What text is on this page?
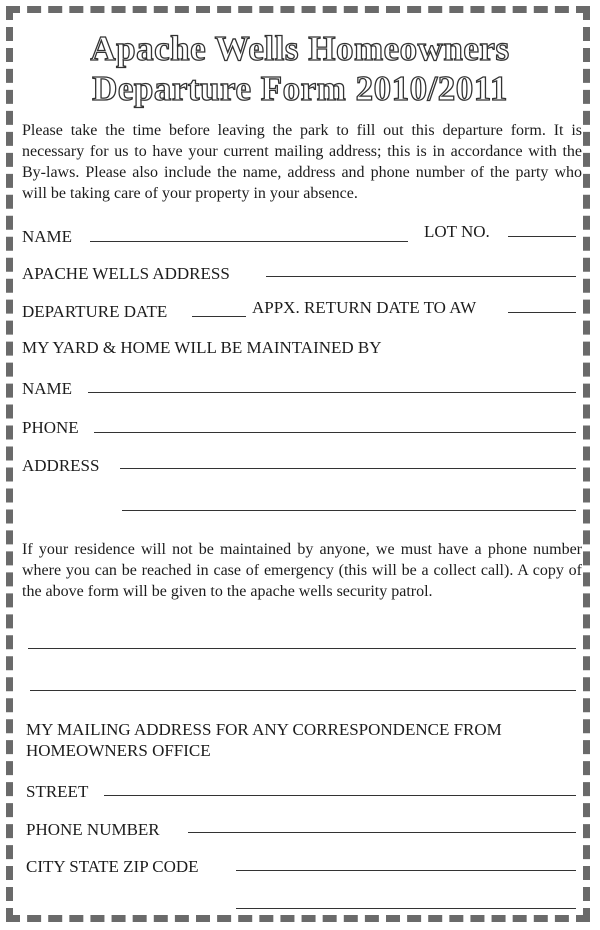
Apache Wells Homeowners
Departure Form 2010/2011

Please take the time before leaving the park to fill out this departure form. It is necessary for us to have your current mailing address; this is in accordance with the By-laws. Please also include the name, address and phone number of the party who will be taking care of your property in your absence.

NAME	LOT NO.
APACHE WELLS ADDRESS
DEPARTURE DATE	APPX. RETURN DATE TO AW
MY YARD & HOME WILL BE MAINTAINED BY
NAME
PHONE
ADDRESS

If your residence will not be maintained by anyone, we must have a phone number where you can be reached in case of emergency (this will be a collect call). A copy of the above form will be given to the apache wells security patrol.

MY MAILING ADDRESS FOR ANY CORRESPONDENCE FROM
HOMEOWNERS OFFICE
STREET
PHONE NUMBER
CITY STATE ZIP CODE
